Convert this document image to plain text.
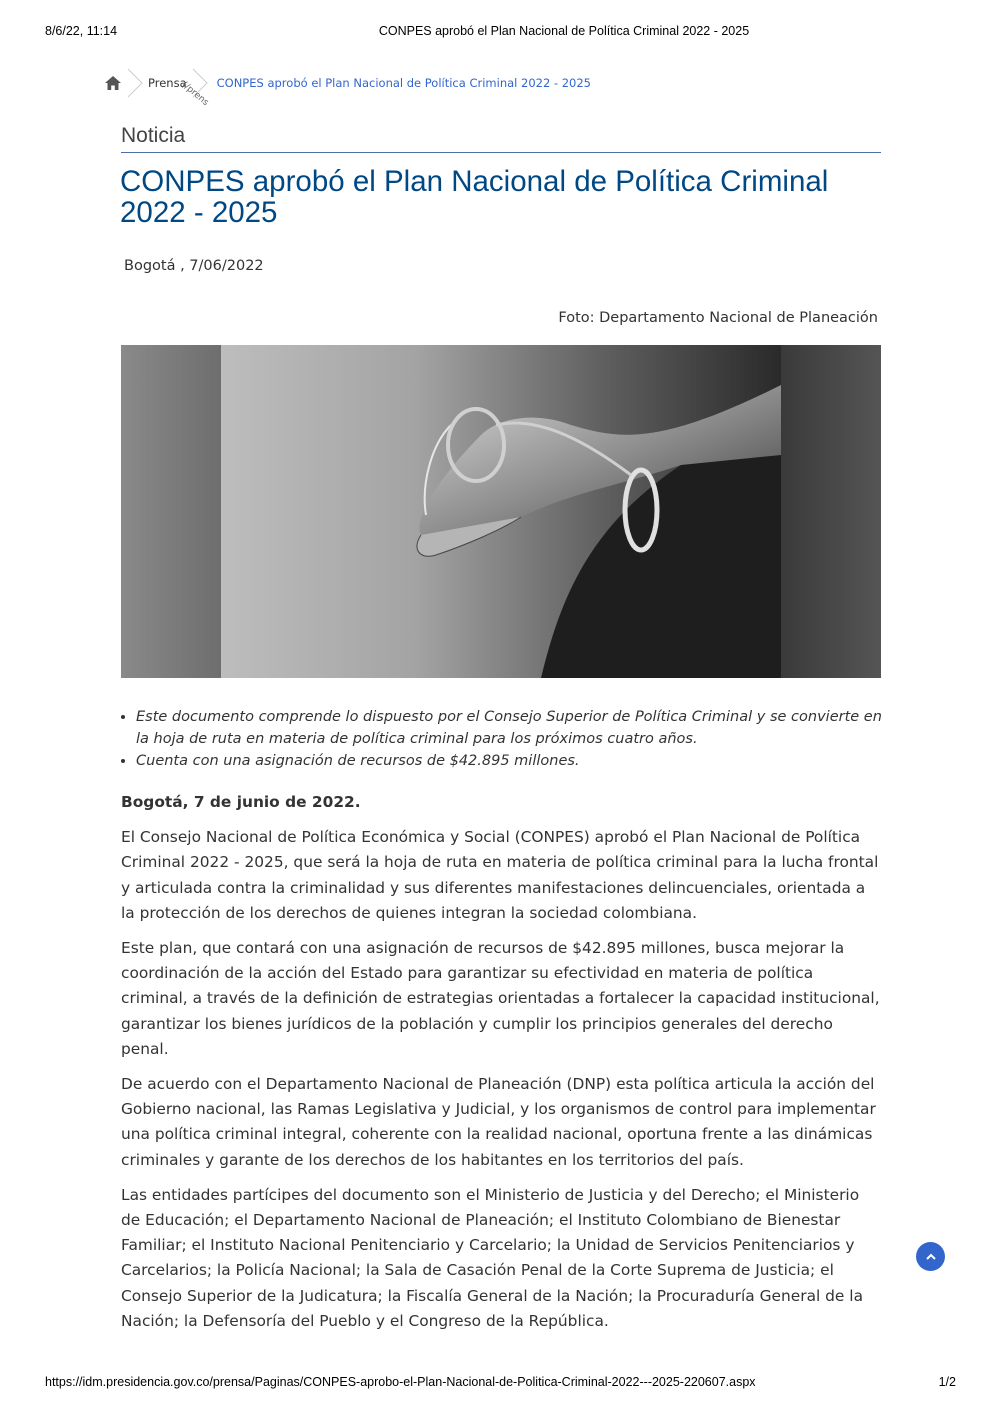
8/6/22, 11:14	CONPES aprobó el Plan Nacional de Política Criminal 2022 - 2025
Prensa
(/prens CONPES aprobó el Plan Nacional de Política Criminal 2022 - 2025
Noticia
CONPES aprobó el Plan Nacional de Política Criminal 2022 - 2025
Bogotá , 7/06/2022
Foto: Departamento Nacional de Planeación
• Este documento comprende lo dispuesto por el Consejo Superior de Política Criminal y se convierte en la hoja de ruta en materia de política criminal para los próximos cuatro años.
• Cuenta con una asignación de recursos de $42.895 millones.

Bogotá, 7 de junio de 2022.

El Consejo Nacional de Política Económica y Social (CONPES) aprobó el Plan Nacional de Política Criminal 2022 - 2025, que será la hoja de ruta en materia de política criminal para la lucha frontal y articulada contra la criminalidad y sus diferentes manifestaciones delincuenciales, orientada a la protección de los derechos de quienes integran la sociedad colombiana.

Este plan, que contará con una asignación de recursos de $42.895 millones, busca mejorar la coordinación de la acción del Estado para garantizar su efectividad en materia de política criminal, a través de la definición de estrategias orientadas a fortalecer la capacidad institucional, garantizar los bienes jurídicos de la población y cumplir los principios generales del derecho penal.

De acuerdo con el Departamento Nacional de Planeación (DNP) esta política articula la acción del Gobierno nacional, las Ramas Legislativa y Judicial, y los organismos de control para implementar una política criminal integral, coherente con la realidad nacional, oportuna frente a las dinámicas criminales y garante de los derechos de los habitantes en los territorios del país.

Las entidades partícipes del documento son el Ministerio de Justicia y del Derecho; el Ministerio de Educación; el Departamento Nacional de Planeación; el Instituto Colombiano de Bienestar Familiar; el Instituto Nacional Penitenciario y Carcelario; la Unidad de Servicios Penitenciarios y Carcelarios; la Policía Nacional; la Sala de Casación Penal de la Corte Suprema de Justicia; el Consejo Superior de la Judicatura; la Fiscalía General de la Nación; la Procuraduría General de la Nación; la Defensoría del Pueblo y el Congreso de la República.

https://idm.presidencia.gov.co/prensa/Paginas/CONPES-aprobo-el-Plan-Nacional-de-Politica-Criminal-2022---2025-220607.aspx	1/2
